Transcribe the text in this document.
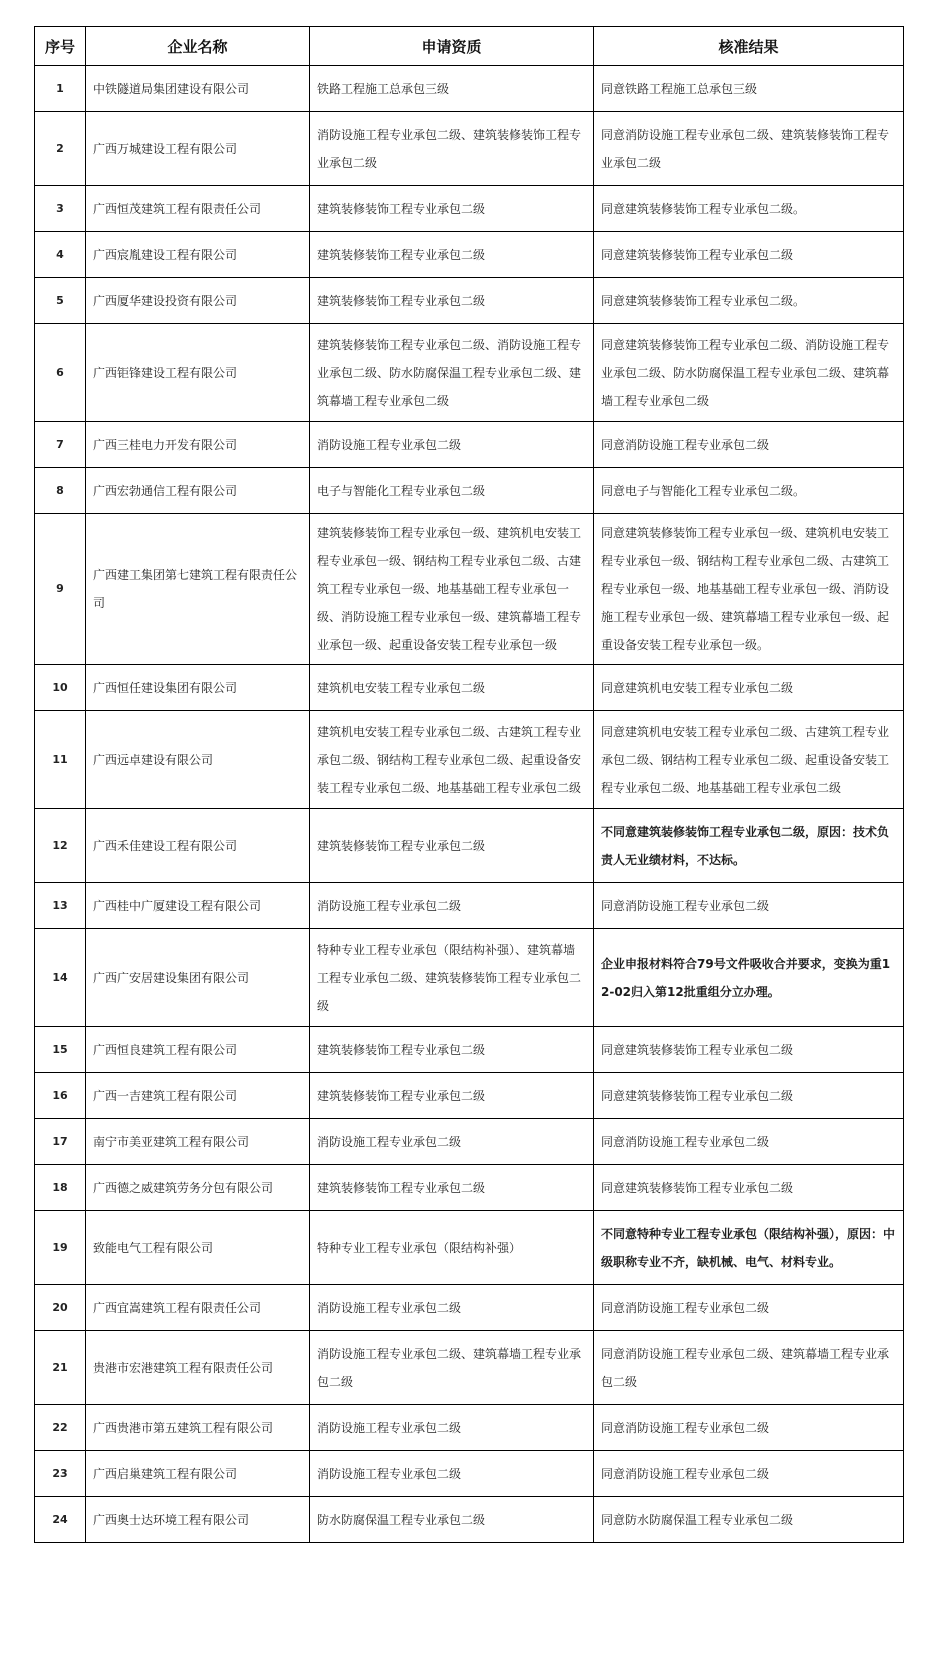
序号	企业名称	申请资质	核准结果
1	中铁隧道局集团建设有限公司	铁路工程施工总承包三级	同意铁路工程施工总承包三级
2	广西万城建设工程有限公司	消防设施工程专业承包二级、建筑装修装饰工程专业承包二级	同意消防设施工程专业承包二级、建筑装修装饰工程专业承包二级
3	广西恒茂建筑工程有限责任公司	建筑装修装饰工程专业承包二级	同意建筑装修装饰工程专业承包二级。
4	广西宸胤建设工程有限公司	建筑装修装饰工程专业承包二级	同意建筑装修装饰工程专业承包二级
5	广西厦华建设投资有限公司	建筑装修装饰工程专业承包二级	同意建筑装修装饰工程专业承包二级。
6	广西钜锋建设工程有限公司	建筑装修装饰工程专业承包二级、消防设施工程专业承包二级、防水防腐保温工程专业承包二级、建筑幕墙工程专业承包二级	同意建筑装修装饰工程专业承包二级、消防设施工程专业承包二级、防水防腐保温工程专业承包二级、建筑幕墙工程专业承包二级
7	广西三桂电力开发有限公司	消防设施工程专业承包二级	同意消防设施工程专业承包二级
8	广西宏勃通信工程有限公司	电子与智能化工程专业承包二级	同意电子与智能化工程专业承包二级。
9	广西建工集团第七建筑工程有限责任公司	建筑装修装饰工程专业承包一级、建筑机电安装工程专业承包一级、钢结构工程专业承包二级、古建筑工程专业承包一级、地基基础工程专业承包一级、消防设施工程专业承包一级、建筑幕墙工程专业承包一级、起重设备安装工程专业承包一级	同意建筑装修装饰工程专业承包一级、建筑机电安装工程专业承包一级、钢结构工程专业承包二级、古建筑工程专业承包一级、地基基础工程专业承包一级、消防设施工程专业承包一级、建筑幕墙工程专业承包一级、起重设备安装工程专业承包一级。
10	广西恒任建设集团有限公司	建筑机电安装工程专业承包二级	同意建筑机电安装工程专业承包二级
11	广西远卓建设有限公司	建筑机电安装工程专业承包二级、古建筑工程专业承包二级、钢结构工程专业承包二级、起重设备安装工程专业承包二级、地基基础工程专业承包二级	同意建筑机电安装工程专业承包二级、古建筑工程专业承包二级、钢结构工程专业承包二级、起重设备安装工程专业承包二级、地基基础工程专业承包二级
12	广西禾佳建设工程有限公司	建筑装修装饰工程专业承包二级	不同意建筑装修装饰工程专业承包二级，原因：技术负责人无业绩材料，不达标。
13	广西桂中广厦建设工程有限公司	消防设施工程专业承包二级	同意消防设施工程专业承包二级
14	广西广安居建设集团有限公司	特种专业工程专业承包（限结构补强）、建筑幕墙工程专业承包二级、建筑装修装饰工程专业承包二级	企业申报材料符合79号文件吸收合并要求，变换为重12-02归入第12批重组分立办理。
15	广西恒良建筑工程有限公司	建筑装修装饰工程专业承包二级	同意建筑装修装饰工程专业承包二级
16	广西一吉建筑工程有限公司	建筑装修装饰工程专业承包二级	同意建筑装修装饰工程专业承包二级
17	南宁市美亚建筑工程有限公司	消防设施工程专业承包二级	同意消防设施工程专业承包二级
18	广西德之威建筑劳务分包有限公司	建筑装修装饰工程专业承包二级	同意建筑装修装饰工程专业承包二级
19	致能电气工程有限公司	特种专业工程专业承包（限结构补强）	不同意特种专业工程专业承包（限结构补强），原因：中级职称专业不齐，缺机械、电气、材料专业。
20	广西宜嵩建筑工程有限责任公司	消防设施工程专业承包二级	同意消防设施工程专业承包二级
21	贵港市宏港建筑工程有限责任公司	消防设施工程专业承包二级、建筑幕墙工程专业承包二级	同意消防设施工程专业承包二级、建筑幕墙工程专业承包二级
22	广西贵港市第五建筑工程有限公司	消防设施工程专业承包二级	同意消防设施工程专业承包二级
23	广西启巢建筑工程有限公司	消防设施工程专业承包二级	同意消防设施工程专业承包二级
24	广西奥士达环境工程有限公司	防水防腐保温工程专业承包二级	同意防水防腐保温工程专业承包二级
